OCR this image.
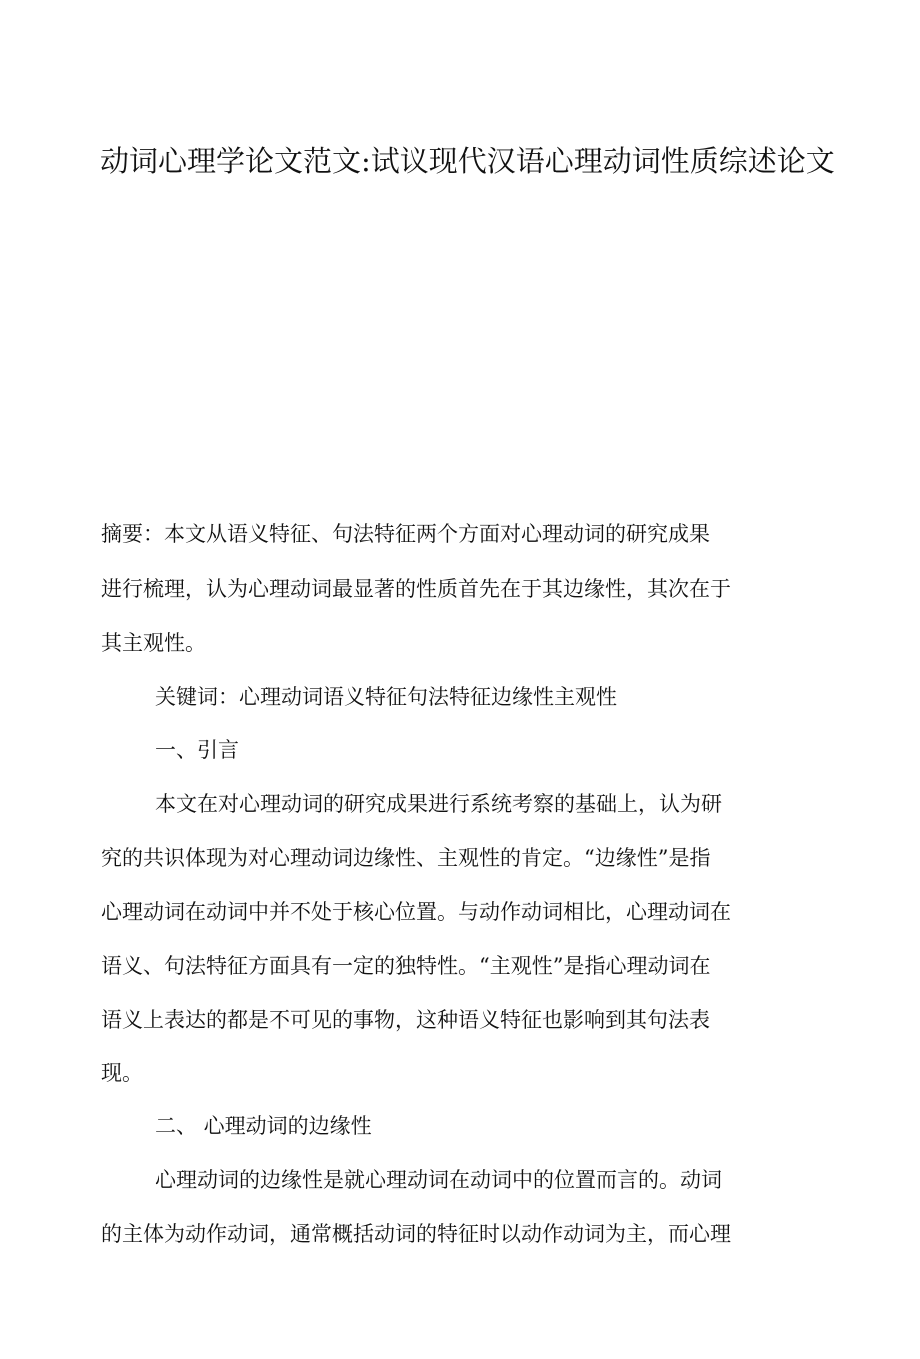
动词心理学论文范文:试议现代汉语心理动词性质综述论文
摘要：本文从语义特征、句法特征两个方面对心理动词的研究成果
进行梳理，认为心理动词最显著的性质首先在于其边缘性，其次在于
其主观性。
关键词：心理动词语义特征句法特征边缘性主观性
一、引言
本文在对心理动词的研究成果进行系统考察的基础上，认为研
究的共识体现为对心理动词边缘性、主观性的肯定。“边缘性”是指
心理动词在动词中并不处于核心位置。与动作动词相比，心理动词在
语义、句法特征方面具有一定的独特性。“主观性”是指心理动词在
语义上表达的都是不可见的事物，这种语义特征也影响到其句法表
现。
二、 心理动词的边缘性
心理动词的边缘性是就心理动词在动词中的位置而言的。动词
的主体为动作动词，通常概括动词的特征时以动作动词为主，而心理
